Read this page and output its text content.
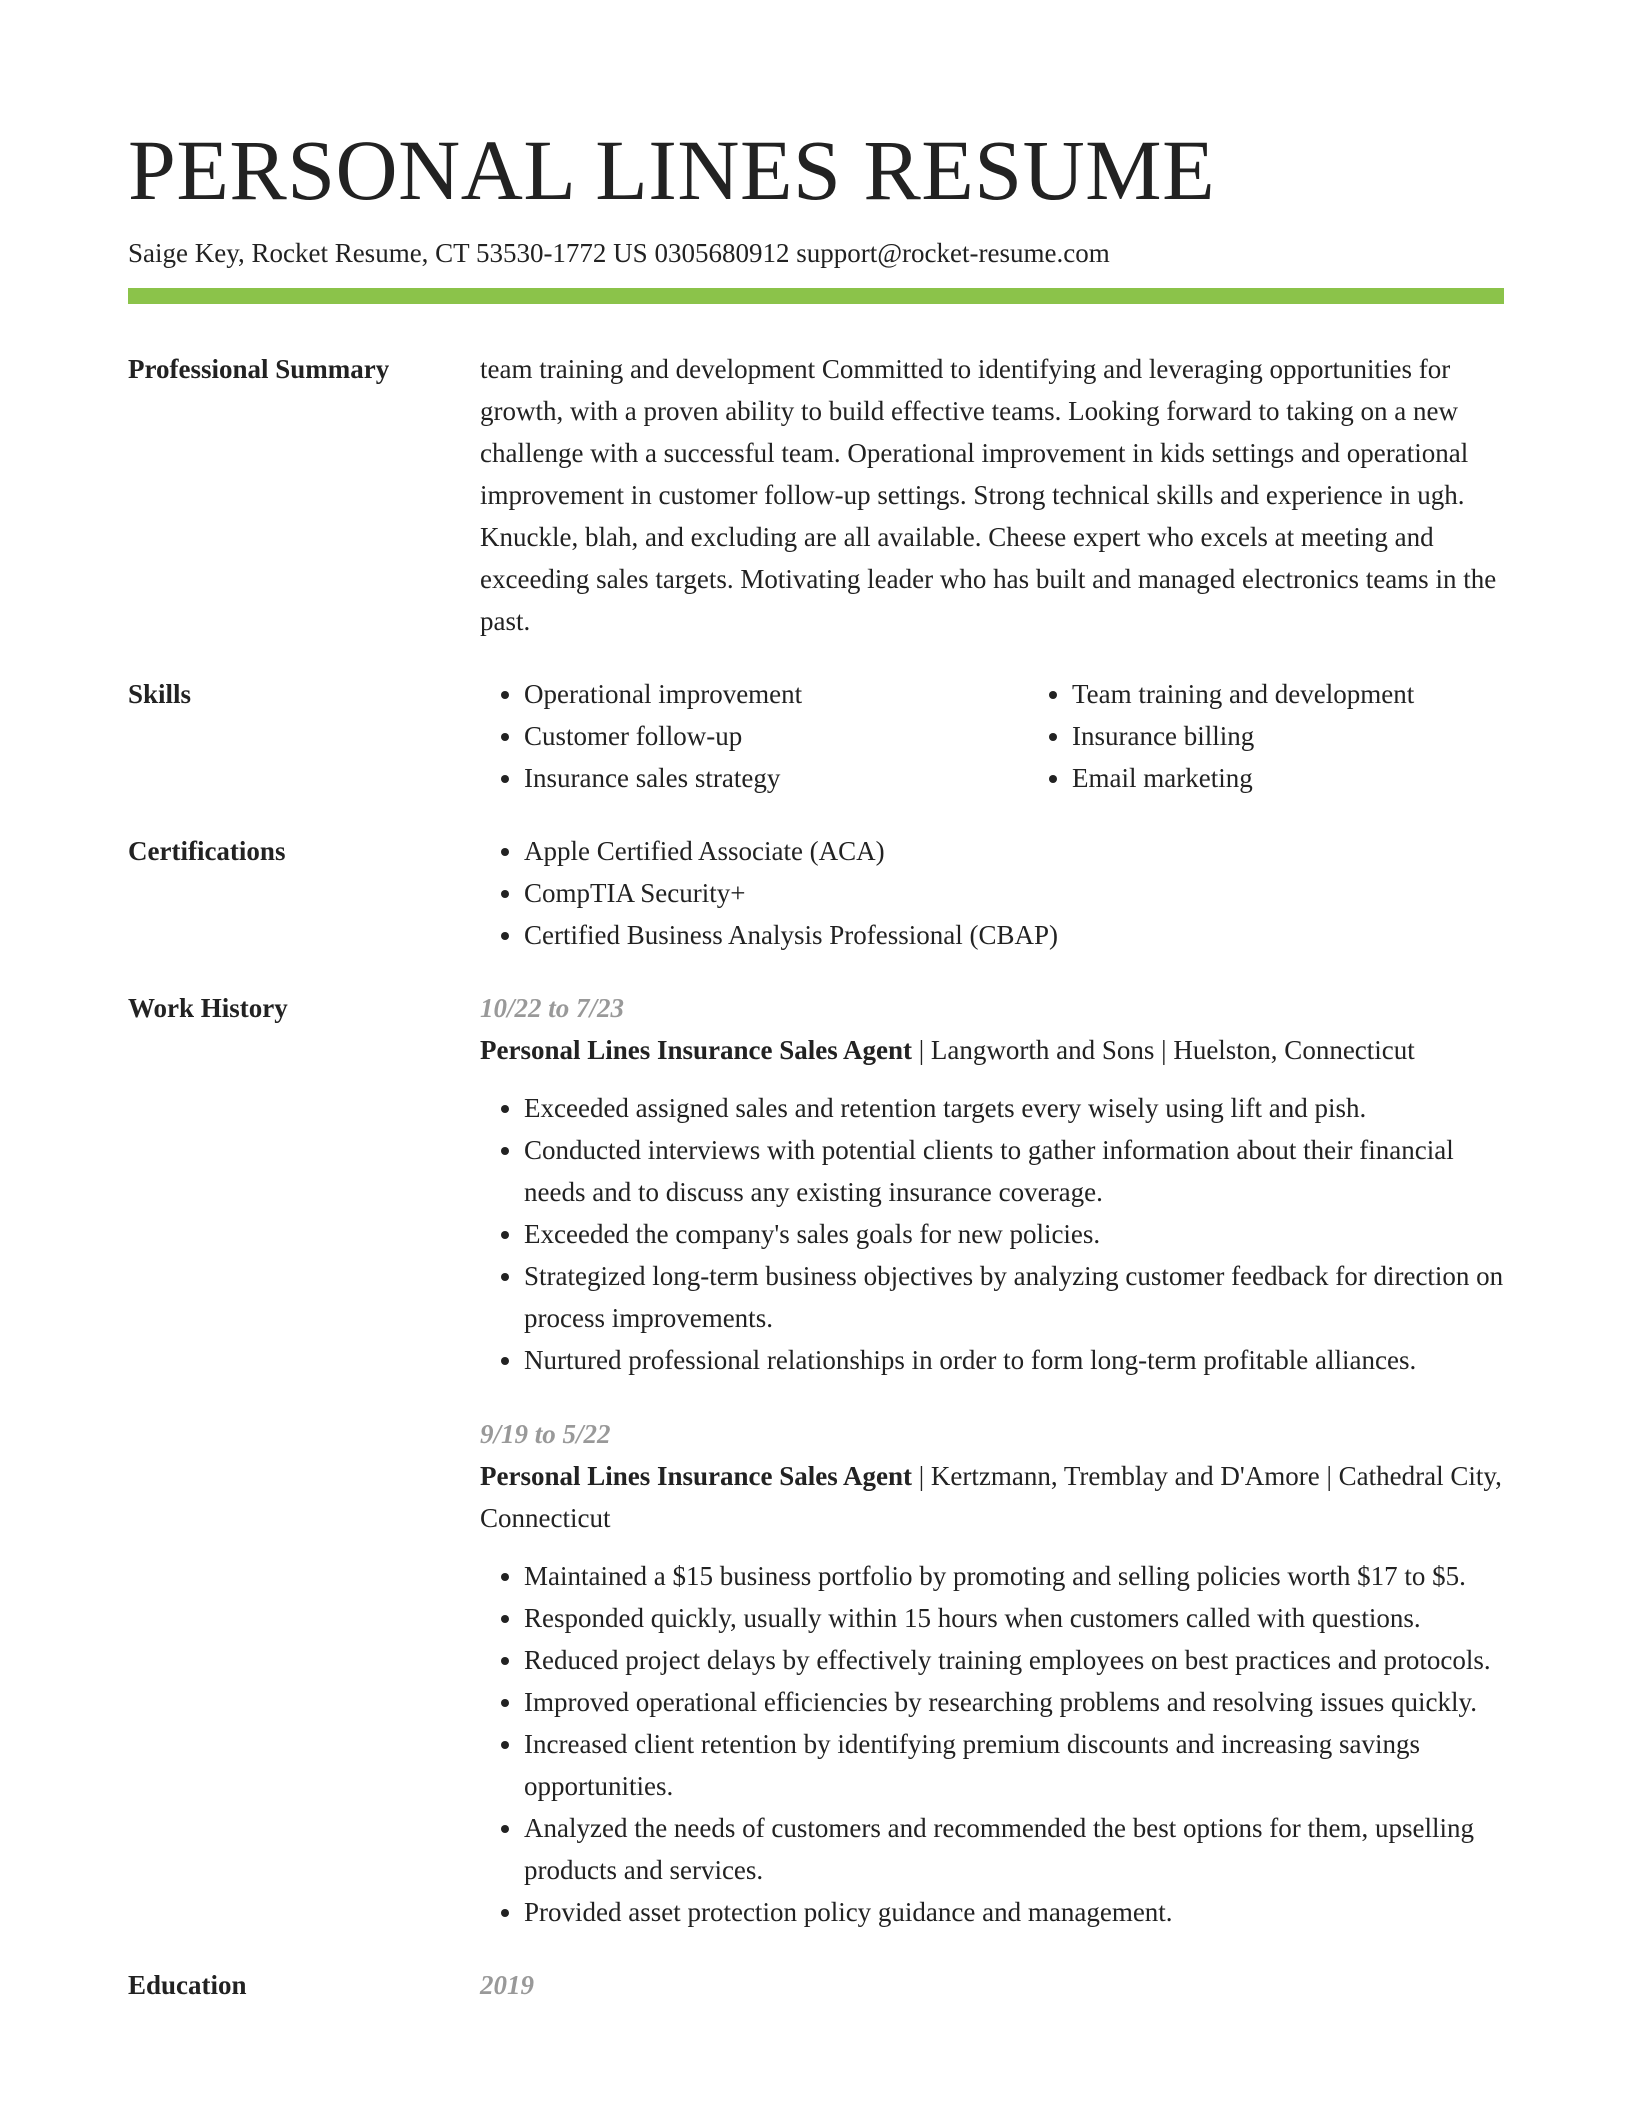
PERSONAL LINES RESUME
Saige Key, Rocket Resume, CT 53530-1772 US 0305680912 support@rocket-resume.com
Professional Summary	team training and development Committed to identifying and leveraging opportunities for growth, with a proven ability to build effective teams. Looking forward to taking on a new challenge with a successful team. Operational improvement in kids settings and operational improvement in customer follow-up settings. Strong technical skills and experience in ugh. Knuckle, blah, and excluding are all available. Cheese expert who excels at meeting and exceeding sales targets. Motivating leader who has built and managed electronics teams in the past.
Skills	• Operational improvement
• Customer follow-up
• Insurance sales strategy
• Team training and development
• Insurance billing
• Email marketing
Certifications	• Apple Certified Associate (ACA)
• CompTIA Security+
• Certified Business Analysis Professional (CBAP)
Work History	10/22 to 7/23
Personal Lines Insurance Sales Agent | Langworth and Sons | Huelston, Connecticut
• Exceeded assigned sales and retention targets every wisely using lift and pish.
• Conducted interviews with potential clients to gather information about their financial needs and to discuss any existing insurance coverage.
• Exceeded the company's sales goals for new policies.
• Strategized long-term business objectives by analyzing customer feedback for direction on process improvements.
• Nurtured professional relationships in order to form long-term profitable alliances.
9/19 to 5/22
Personal Lines Insurance Sales Agent | Kertzmann, Tremblay and D'Amore | Cathedral City, Connecticut
• Maintained a $15 business portfolio by promoting and selling policies worth $17 to $5.
• Responded quickly, usually within 15 hours when customers called with questions.
• Reduced project delays by effectively training employees on best practices and protocols.
• Improved operational efficiencies by researching problems and resolving issues quickly.
• Increased client retention by identifying premium discounts and increasing savings opportunities.
• Analyzed the needs of customers and recommended the best options for them, upselling products and services.
• Provided asset protection policy guidance and management.
Education	2019
